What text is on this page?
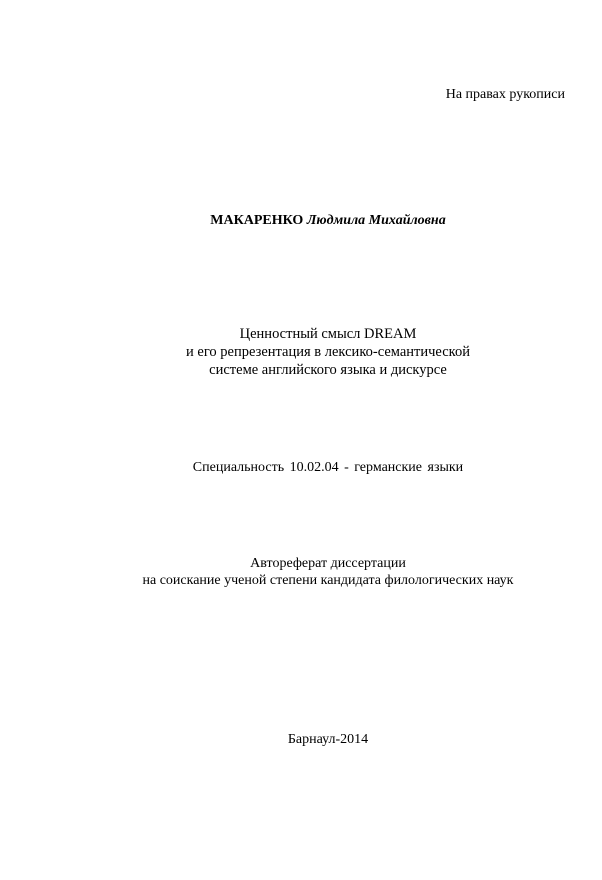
На правах рукописи
МАКАРЕНКО Людмила Михайловна
Ценностный смысл DREAM
и его репрезентация в лексико-семантической
системе английского языка и дискурсе
Специальность 10.02.04 - германские языки
Автореферат диссертации
на соискание ученой степени кандидата филологических наук
Барнаул-2014
